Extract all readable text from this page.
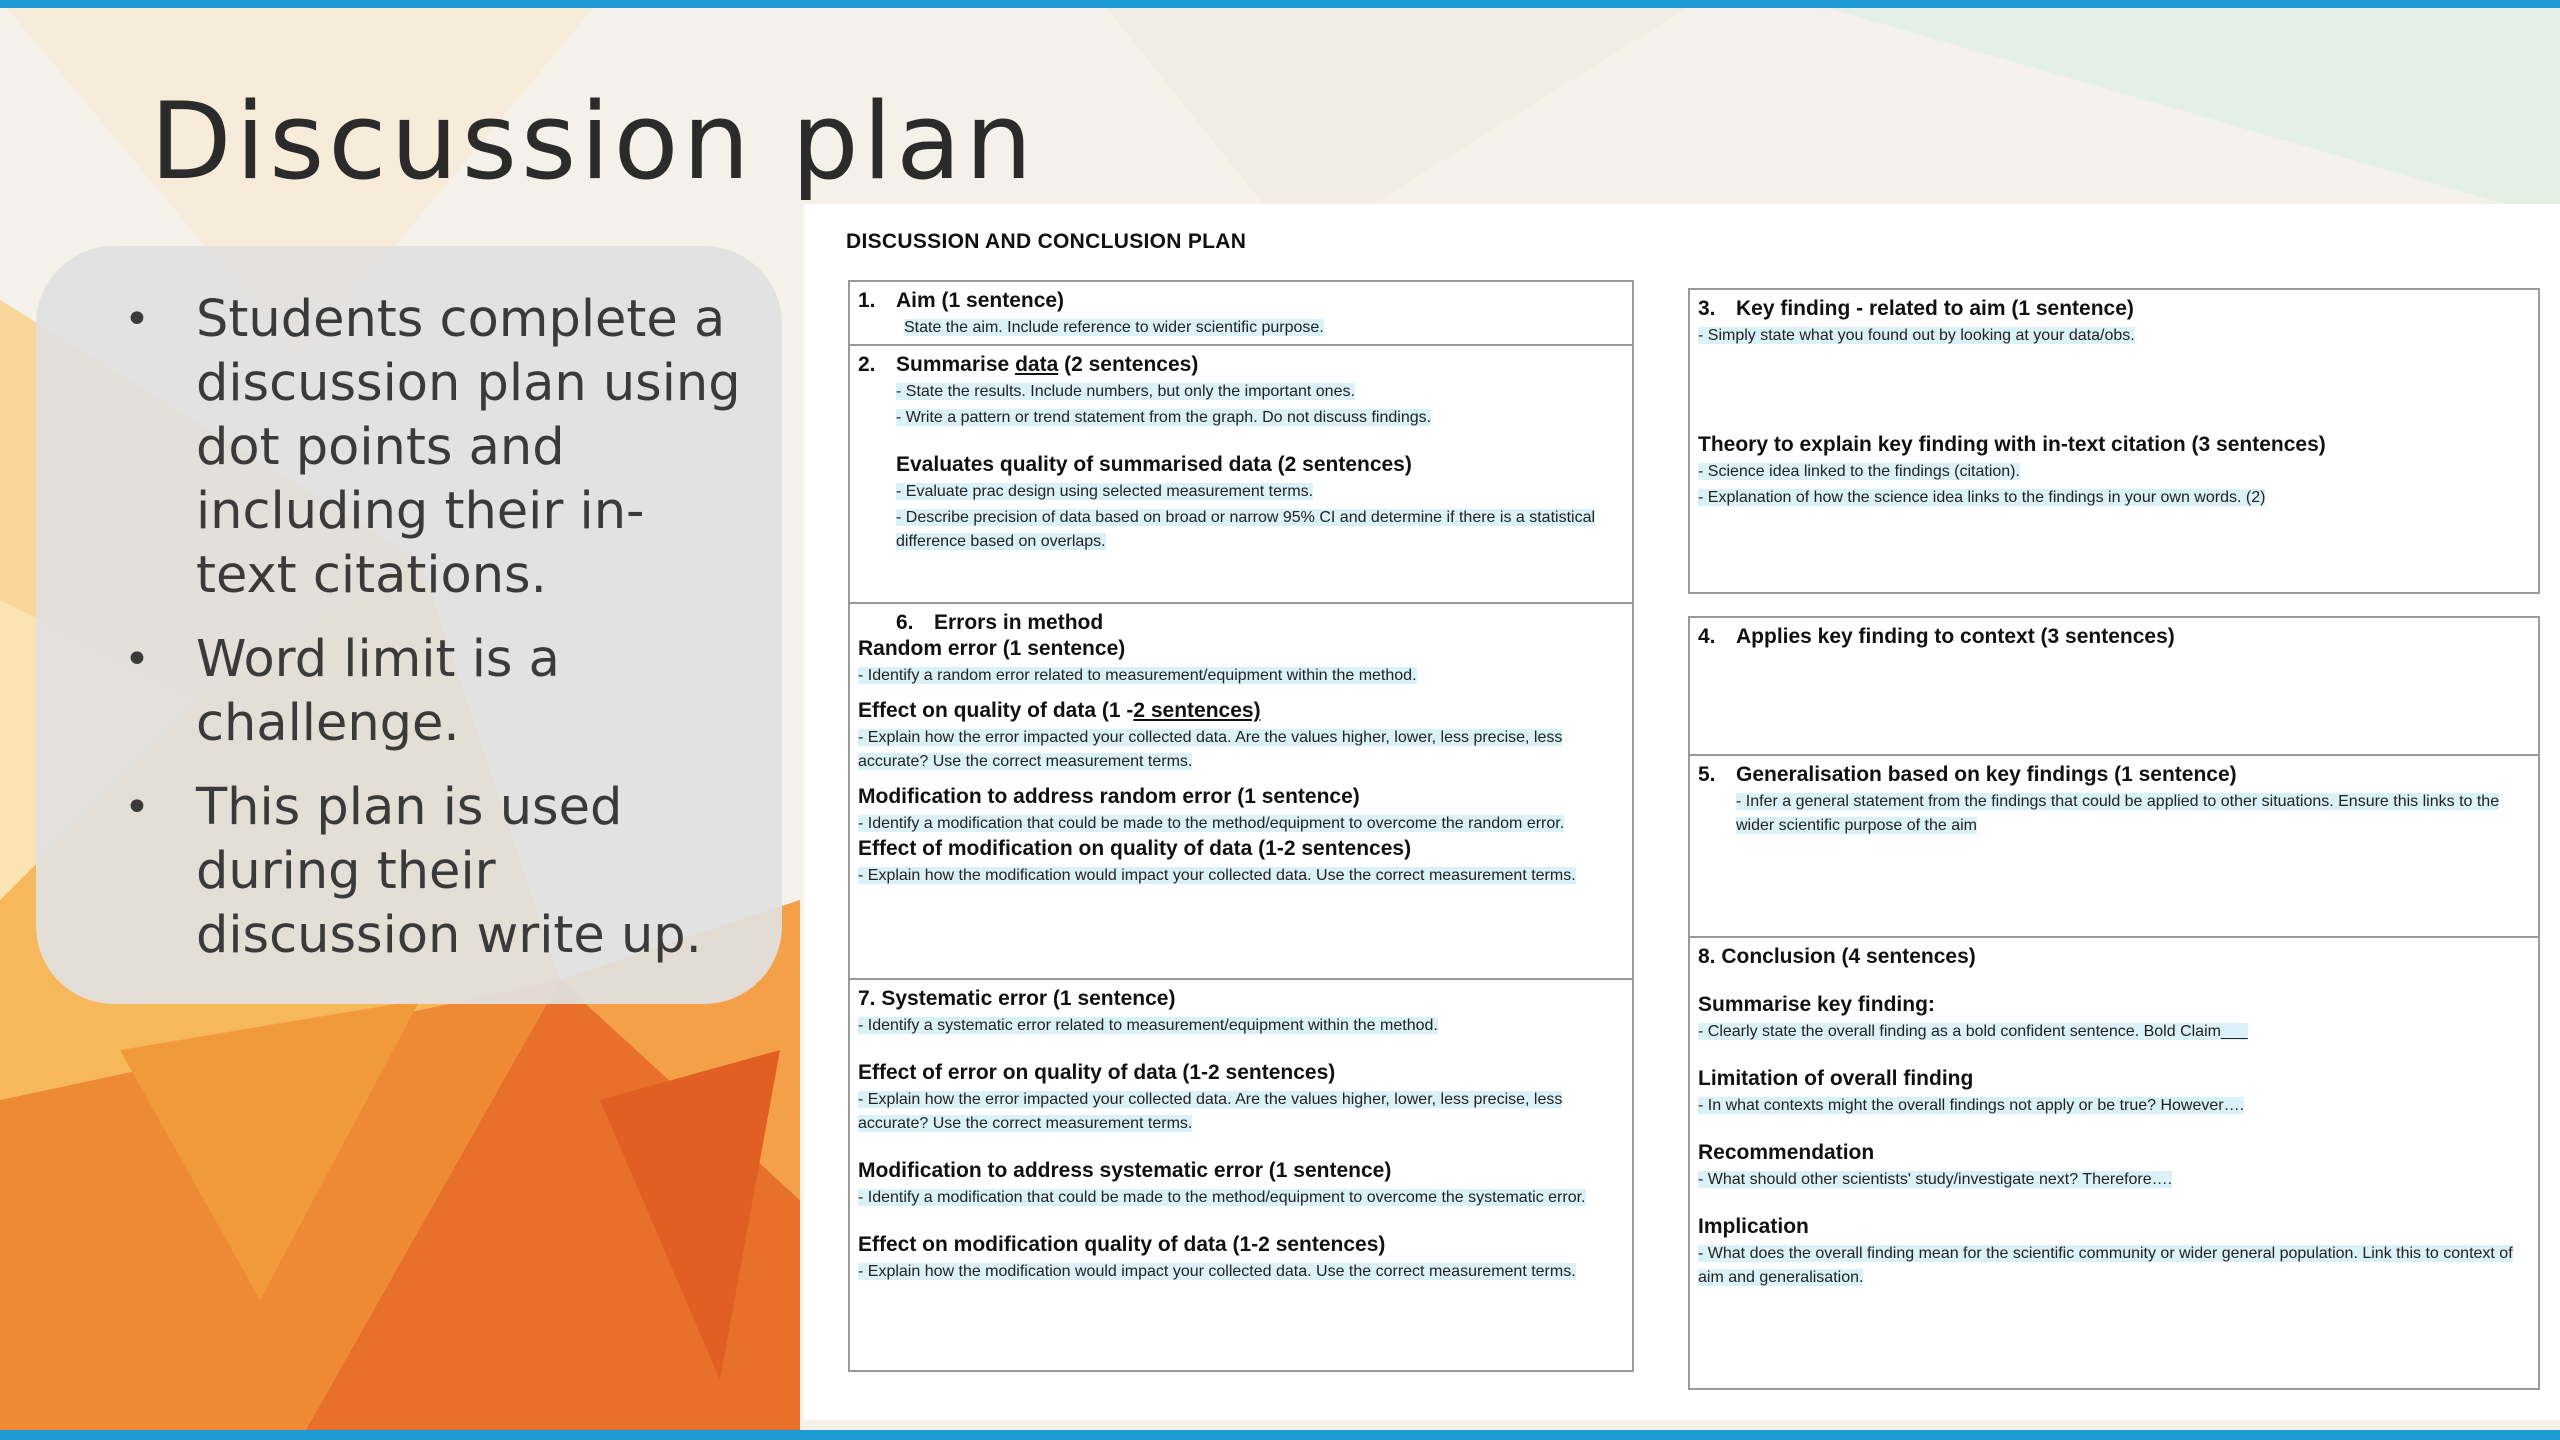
Discussion plan
• Students complete a discussion plan using dot points and including their in-text citations.
• Word limit is a challenge.
• This plan is used during their discussion write up.
DISCUSSION AND CONCLUSION PLAN

1. Aim (1 sentence)

State the aim. Include reference to wider scientific purpose.

2. Summarise data (2 sentences)

- State the results. Include numbers, but only the important ones.

- Write a pattern or trend statement from the graph. Do not discuss findings.

Evaluates quality of summarised data (2 sentences)

- Evaluate prac design using selected measurement terms.

- Describe precision of data based on broad or narrow 95% CI and determine if there is a statistical difference based on overlaps.

6. Errors in method

Random error (1 sentence)

- Identify a random error related to measurement/equipment within the method.

Effect on quality of data (1 -2 sentences)

- Explain how the error impacted your collected data. Are the values higher, lower, less precise, less accurate? Use the correct measurement terms.

Modification to address random error (1 sentence)

- Identify a modification that could be made to the method/equipment to overcome the random error.

Effect of modification on quality of data (1-2 sentences)

- Explain how the modification would impact your collected data. Use the correct measurement terms.

7. Systematic error (1 sentence)

- Identify a systematic error related to measurement/equipment within the method.

Effect of error on quality of data (1-2 sentences)

- Explain how the error impacted your collected data. Are the values higher, lower, less precise, less accurate? Use the correct measurement terms.

Modification to address systematic error (1 sentence)

- Identify a modification that could be made to the method/equipment to overcome the systematic error.

Effect on modification quality of data (1-2 sentences)

- Explain how the modification would impact your collected data. Use the correct measurement terms.

3. Key finding - related to aim (1 sentence)

- Simply state what you found out by looking at your data/obs.

Theory to explain key finding with in-text citation (3 sentences)

- Science idea linked to the findings (citation).

- Explanation of how the science idea links to the findings in your own words. (2)

4. Applies key finding to context (3 sentences)

5. Generalisation based on key findings (1 sentence)

- Infer a general statement from the findings that could be applied to other situations. Ensure this links to the wider scientific purpose of the aim

8. Conclusion (4 sentences)

Summarise key finding:

- Clearly state the overall finding as a bold confident sentence. Bold Claim___

Limitation of overall finding

- In what contexts might the overall findings not apply or be true? However….

Recommendation

- What should other scientists' study/investigate next? Therefore….

Implication

- What does the overall finding mean for the scientific community or wider general population. Link this to context of aim and generalisation.
